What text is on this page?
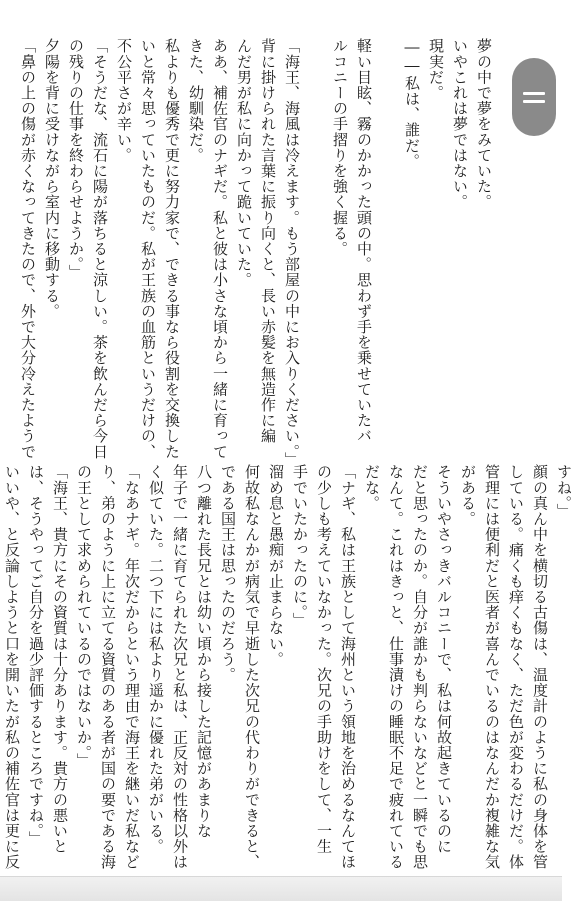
夢の中で夢をみていた。

いやこれは夢ではない。

現実だ。

――私は、誰だ。

軽い目眩、霧のかかった頭の中。思わず手を乗せていたバ

ルコニーの手摺りを強く握る。

「海王、海風は冷えます。もう部屋の中にお入りください。」

背に掛けられた言葉に振り向くと、長い赤髪を無造作に編

んだ男が私に向かって跪いていた。

ああ、補佐官のナギだ。私と彼は小さな頃から一緒に育って

きた、幼馴染だ。

私よりも優秀で更に努力家で、できる事なら役割を交換した

いと常々思っていたものだ。私が王族の血筋というだけの、

不公平さが辛い。

「そうだな、流石に陽が落ちると涼しい。茶を飲んだら今日

の残りの仕事を終わらせようか。」

夕陽を背に受けながら室内に移動する。

「鼻の上の傷が赤くなってきたので、外で大分冷えたようで

すね。」

顔の真ん中を横切る古傷は、温度計のように私の身体を管

している。痛くも痒くもなく、ただ色が変わるだけだ。体

管理には便利だと医者が喜んでいるのはなんだか複雑な気

がある。

そういやさっきバルコニーで、私は何故起きているのに

だと思ったのか。自分が誰かも判らないなどと一瞬でも思

なんて。これはきっと、仕事漬けの睡眠不足で疲れている

だな。

「ナギ、私は王族として海州という領地を治めるなんてほ

の少しも考えていなかった。次兄の手助けをして、一生

手でいたかったのに。」

溜め息と愚痴が止まらない。

何故私なんかが病気で早逝した次兄の代わりができると、

である国王は思ったのだろう。

八つ離れた長兄とは幼い頃から接した記憶があまりな

年子で一緒に育てられた次兄と私は、正反対の性格以外は

く似ていた。二つ下には私より遥かに優れた弟がいる。

「なあナギ。年次だからという理由で海王を継いだ私など

り、弟のように上に立てる資質のある者が国の要である海

の王として求められているのではないか。」

「海王、貴方にその資質は十分あります。貴方の悪いと

は、そうやってご自分を過少評価するところですね。」

いいや、と反論しようと口を開いたが私の補佐官は更に反
